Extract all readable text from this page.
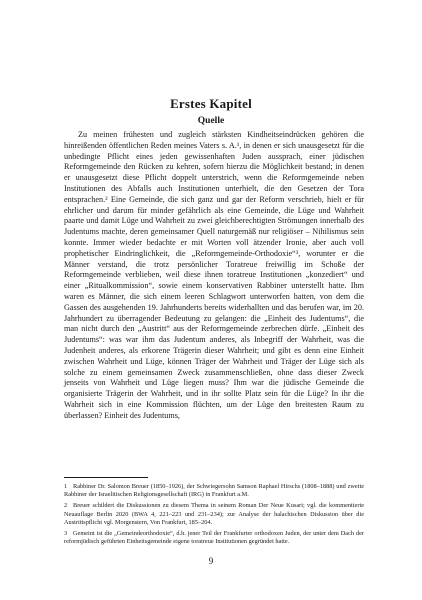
Erstes Kapitel
Quelle

Zu meinen frühesten und zugleich stärksten Kindheitseindrücken gehören die hinreißenden öffentlichen Reden meines Vaters s. A.¹, in denen er sich unausgesetzt für die unbedingte Pflicht eines jeden gewissenhaften Juden aussprach, einer jüdischen Reformgemeinde den Rücken zu kehren, sofern hierzu die Möglichkeit bestand; in denen er unausgesetzt diese Pflicht doppelt unterstrich, wenn die Reformgemeinde neben Institutionen des Abfalls auch Institutionen unterhielt, die den Gesetzen der Tora entsprachen.² Eine Gemeinde, die sich ganz und gar der Reform verschrieb, hielt er für ehrlicher und darum für minder gefährlich als eine Gemeinde, die Lüge und Wahrheit paarte und damit Lüge und Wahrheit zu zwei gleichberechtigten Strömungen innerhalb des Judentums machte, deren gemeinsamer Quell naturgemäß nur religiöser – Nihilismus sein konnte. Immer wieder bedachte er mit Worten voll ätzender Ironie, aber auch voll prophetischer Eindringlichkeit, die „Reformgemeinde-Orthodoxie“³, worunter er die Männer verstand, die trotz persönlicher Toratreue freiwillig im Schoße der Reformgemeinde verblieben, weil diese ihnen toratreue Institutionen „konzediert“ und einer „Ritualkommission“, sowie einem konservativen Rabbiner unterstellt hatte. Ihm waren es Männer, die sich einem leeren Schlagwort unterworfen hatten, von dem die Gassen des ausgehenden 19. Jahrhunderts bereits widerhallten und das berufen war, im 20. Jahrhundert zu überragender Bedeutung zu gelangen: die „Einheit des Judentums“, die man nicht durch den „Austritt“ aus der Reformgemeinde zerbrechen dürfe. „Einheit des Judentums“: was war ihm das Judentum anderes, als Inbegriff der Wahrheit, was die Judenheit anderes, als erkorene Trägerin dieser Wahrheit; und gibt es denn eine Einheit zwischen Wahrheit und Lüge, können Träger der Wahrheit und Träger der Lüge sich als solche zu einem gemeinsamen Zweck zusammenschließen, ohne dass dieser Zweck jenseits von Wahrheit und Lüge liegen muss? Ihm war die jüdische Gemeinde die organisierte Trägerin der Wahrheit, und in ihr sollte Platz sein für die Lüge? In ihr die Wahrheit sich in eine Kommission flüchten, um der Lüge den breitesten Raum zu überlassen? Einheit des Judentums,

1 Rabbiner Dr. Salomon Breuer (1850–1926), der Schwiegersohn Samson Raphael Hirschs (1808–1888) und zweite Rabbiner der Israelitischen Religionsgesellschaft (IRG) in Frankfurt a.M.
2 Breuer schildert die Diskussionen zu diesem Thema in seinem Roman Der Neue Kusari; vgl. die kommentierte Neuauflage Berlin 2020 (BWA 4, 221–223 und 231–234); zur Analyse der halachischen Diskussion über die Austrittspflicht vgl. Morgenstern, Von Frankfurt, 185–204.
3 Gemeint ist die „Gemeindeorthodoxie“, d.h. jener Teil der Frankfurter orthodoxen Juden, der unter dem Dach der reformjüdisch geführten Einheitsgemeinde eigene toratreue Institutionen gegründet hatte.
9
